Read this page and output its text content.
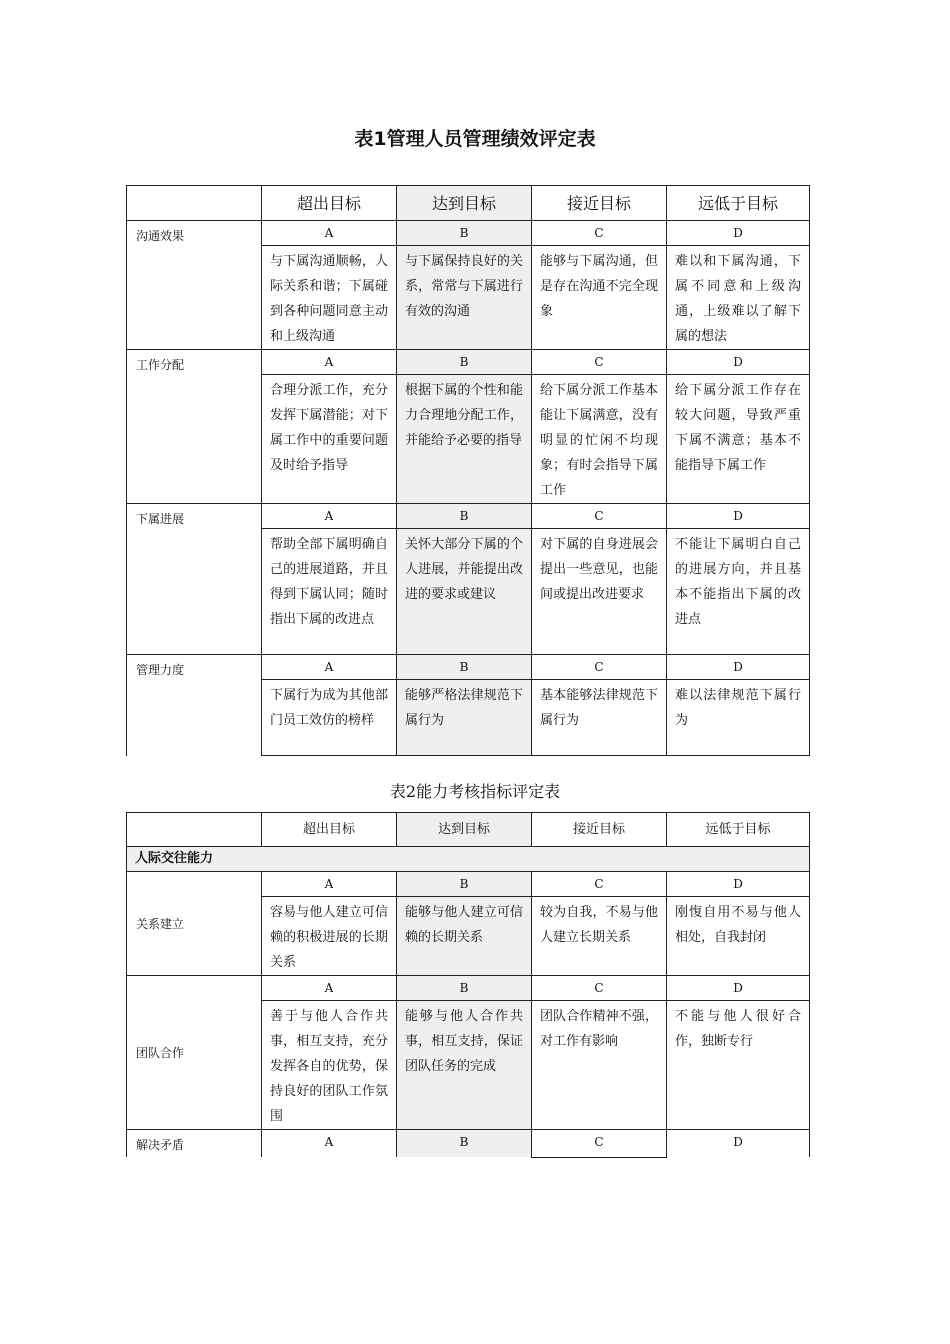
表1管理人员管理绩效评定表
	超出目标	达到目标	接近目标	远低于目标
沟通效果	A	B	C	D
	与下属沟通顺畅，人际关系和谐；下属碰到各种问题同意主动和上级沟通	与下属保持良好的关系，常常与下属进行有效的沟通	能够与下属沟通，但是存在沟通不完全现象	难以和下属沟通，下属不同意和上级沟通，上级难以了解下属的想法
工作分配	A	B	C	D
	合理分派工作，充分发挥下属潜能；对下属工作中的重要问题及时给予指导	根据下属的个性和能力合理地分配工作，并能给予必要的指导	给下属分派工作基本能让下属满意，没有明显的忙闲不均现象；有时会指导下属工作	给下属分派工作存在较大问题，导致严重下属不满意；基本不能指导下属工作
下属进展	A	B	C	D
	帮助全部下属明确自己的进展道路，并且得到下属认同；随时指出下属的改进点	关怀大部分下属的个人进展，并能提出改进的要求或建议	对下属的自身进展会提出一些意见，也能间或提出改进要求	不能让下属明白自己的进展方向，并且基本不能指出下属的改进点
管理力度	A	B	C	D
	下属行为成为其他部门员工效仿的榜样	能够严格法律规范下属行为	基本能够法律规范下属行为	难以法律规范下属行为
表2能力考核指标评定表
	超出目标	达到目标	接近目标	远低于目标
人际交往能力				
关系建立	A	B	C	D
	容易与他人建立可信赖的积极进展的长期关系	能够与他人建立可信赖的长期关系	较为自我，不易与他人建立长期关系	刚愎自用不易与他人相处，自我封闭
团队合作	A	B	C	D
	善于与他人合作共事，相互支持，充分发挥各自的优势，保持良好的团队工作氛围	能够与他人合作共事，相互支持，保证团队任务的完成	团队合作精神不强，对工作有影响	不能与他人很好合作，独断专行
解决矛盾	A	B	C	D
